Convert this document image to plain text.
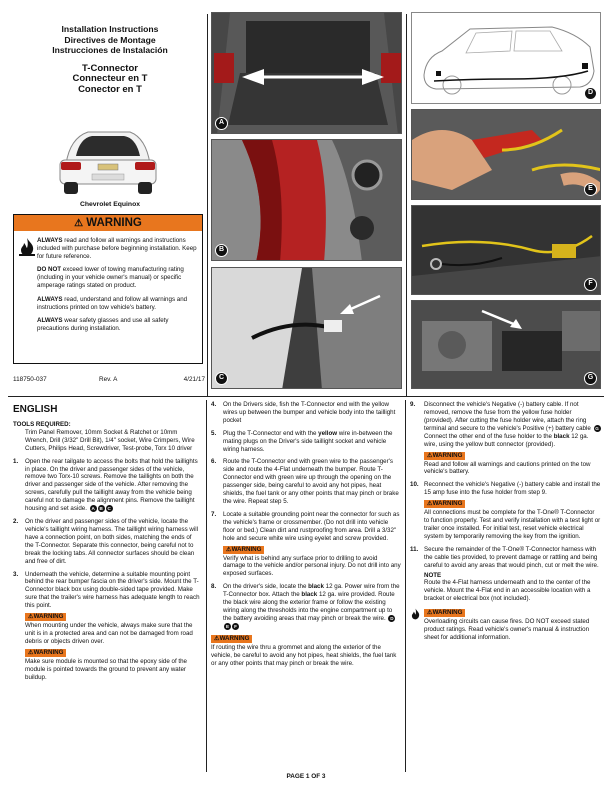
Installation Instructions
Directives de Montage
Instrucciones de Instalación
T-Connector
Connecteur en T
Conector en T
Chevrolet Equinox
⚠ WARNING

ALWAYS read and follow all warnings and instructions included with purchase before beginning installation. Keep for future reference.

DO NOT exceed lower of towing manufacturing rating (including in your vehicle owner's manual) or specific amperage ratings stated on product.

ALWAYS read, understand and follow all warnings and instructions printed on tow vehicle's battery.

ALWAYS wear safety glasses and use all safety precautions during installation.

118750-037	Rev. A	4/21/17
A
B
C
D
E
F
G
ENGLISH
TOOLS REQUIRED:
Trim Panel Remover, 10mm Socket & Ratchet or 10mm Wrench, Drill (3/32" Drill Bit), 1/4" socket, Wire Crimpers, Wire Cutters, Philips Head, Screwdriver, Test-probe, Torx 10 driver
1. Open the rear tailgate to access the bolts that hold the taillights in place. On the driver and passenger sides of the vehicle, remove two Torx-10 screws. Remove the taillights on both the driver and passenger side of the vehicle. After removing the screws, carefully pull the taillight away from the vehicle being careful not to damage the alignment pins. Remove the taillight housing and set aside. A B C
2. On the driver and passenger sides of the vehicle, locate the vehicle's taillight wiring harness. The taillight wiring harness will have a connection point, on both sides, matching the ends of the T-Connector. Separate this connector, being careful not to break the locking tabs. All connector surfaces should be clean and free of dirt.
3. Underneath the vehicle, determine a suitable mounting point behind the rear bumper fascia on the driver's side. Mount the T-Connector black box using double-sided tape provided. Make sure that the trailer's wire harness has adequate length to reach this point.
⚠WARNING
When mounting under the vehicle, always make sure that the unit is in a protected area and can not be damaged from road debris or objects driven over.
⚠WARNING
Make sure module is mounted so that the epoxy side of the module is pointed towards the ground to prevent any water buildup.
4. On the Drivers side, fish the T-Connector end with the yellow wires up between the bumper and vehicle body into the taillight pocket
5. Plug the T-Connector end with the yellow wire in-between the mating plugs on the Driver's side taillight socket and vehicle wiring harness.
6. Route the T-Connector end with green wire to the passenger's side and route the 4-Flat underneath the bumper. Route T-Connector end with green wire up through the opening on the passenger side, being careful to avoid any hot pipes, heat shields, the fuel tank or any other points that may pinch or brake the wire. Repeat step 5.
7. Locate a suitable grounding point near the connector for such as the vehicle's frame or crossmember. (Do not drill into vehicle floor or bed.) Clean dirt and rustproofing from area. Drill a 3/32" hole and secure white wire using eyelet and screw provided.
⚠WARNING
Verify what is behind any surface prior to drilling to avoid damage to the vehicle and/or personal injury. Do not drill into any exposed surfaces.
8. On the driver's side, locate the black 12 ga. Power wire from the T-Connector box. Attach the black 12 ga. wire provided. Route the black wire along the exterior frame or follow the existing wiring along the thresholds into the engine compartment up to the battery avoiding areas that may pinch or break the wire. DE F
⚠WARNING
If routing the wire thru a grommet and along the exterior of the vehicle, be careful to avoid any hot pipes, heat shields, the fuel tank or any other points that may pinch or break the wire.
9. Disconnect the vehicle's Negative (-) battery cable. If not removed, remove the fuse from the yellow fuse holder (provided). After cutting the fuse holder wire, attach the ring terminal and secure to the vehicle's Positive (+) battery cable G Connect the other end of the fuse holder to the black 12 ga. wire, using the yellow butt connector (provided).
⚠WARNING
Read and follow all warnings and cautions printed on the tow vehicle's battery.
10. Reconnect the vehicle's Negative (-) battery cable and install the 15 amp fuse into the fuse holder from step 9.
⚠WARNING
All connections must be complete for the T-One® T-Connector to function properly. Test and verify installation with a test light or trailer once installed. For initial test, reset vehicle electrical system by temporarily removing the key from the ignition.
11. Secure the remainder of the T-One® T-Connector harness with the cable ties provided, to prevent damage or rattling and being careful to avoid any areas that would pinch, cut or melt the wire.
NOTE
Route the 4-Flat harness underneath and to the center of the vehicle. Mount the 4-Flat end in an accessible location with a bracket or electrical box (not included).
⚠WARNING
Overloading circuits can cause fires. DO NOT exceed stated product ratings. Read vehicle's owner's manual & instruction sheet for additional information.
PAGE 1 OF 3
